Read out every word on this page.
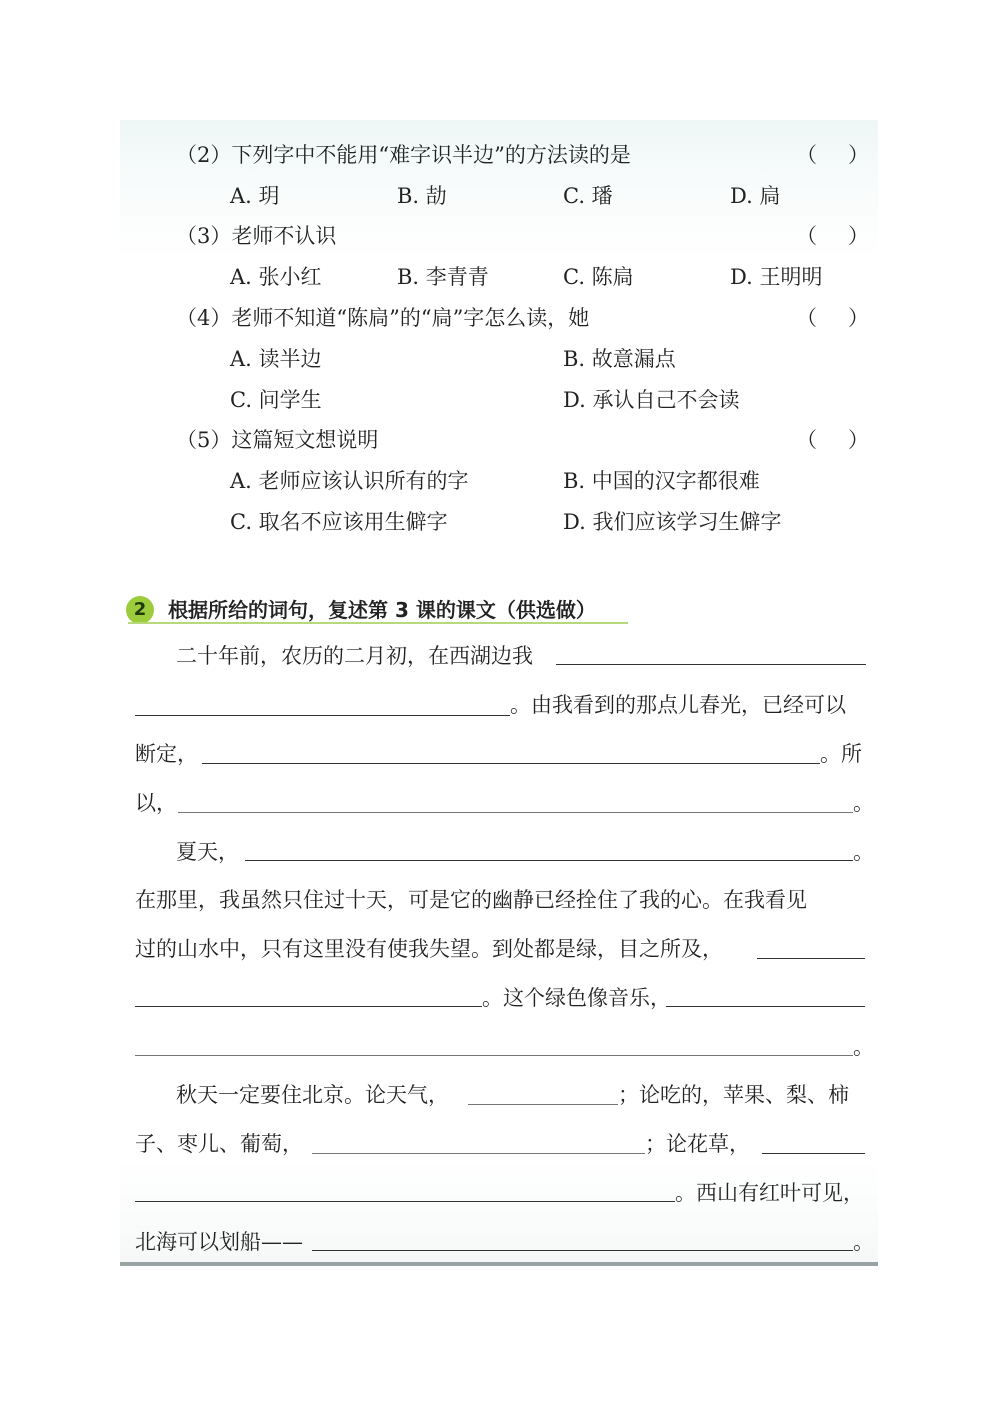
（2）下列字中不能用“难字识半边”的方法读的是	（ ）
A. 玥	B. 劼	C. 璠	D. 扃
（3）老师不认识	（ ）
A. 张小红	B. 李青青	C. 陈扃	D. 王明明
（4）老师不知道“陈扃”的“扃”字怎么读，她	（ ）
A. 读半边	B. 故意漏点
C. 问学生	D. 承认自己不会读
（5）这篇短文想说明	（ ）
A. 老师应该认识所有的字	B. 中国的汉字都很难
C. 取名不应该用生僻字	D. 我们应该学习生僻字
2	根据所给的词句，复述第 3 课的课文（供选做）
二十年前，农历的二月初，在西湖边我
。由我看到的那点儿春光，已经可以
断定，	。所
以，	。
夏天，	。
在那里，我虽然只住过十天，可是它的幽静已经拴住了我的心。在我看见
过的山水中，只有这里没有使我失望。到处都是绿，目之所及，
。这个绿色像音乐，
。
秋天一定要住北京。论天气，	；论吃的，苹果、梨、柿
子、枣儿、葡萄，	；论花草，
。西山有红叶可见，
北海可以划船——	。
